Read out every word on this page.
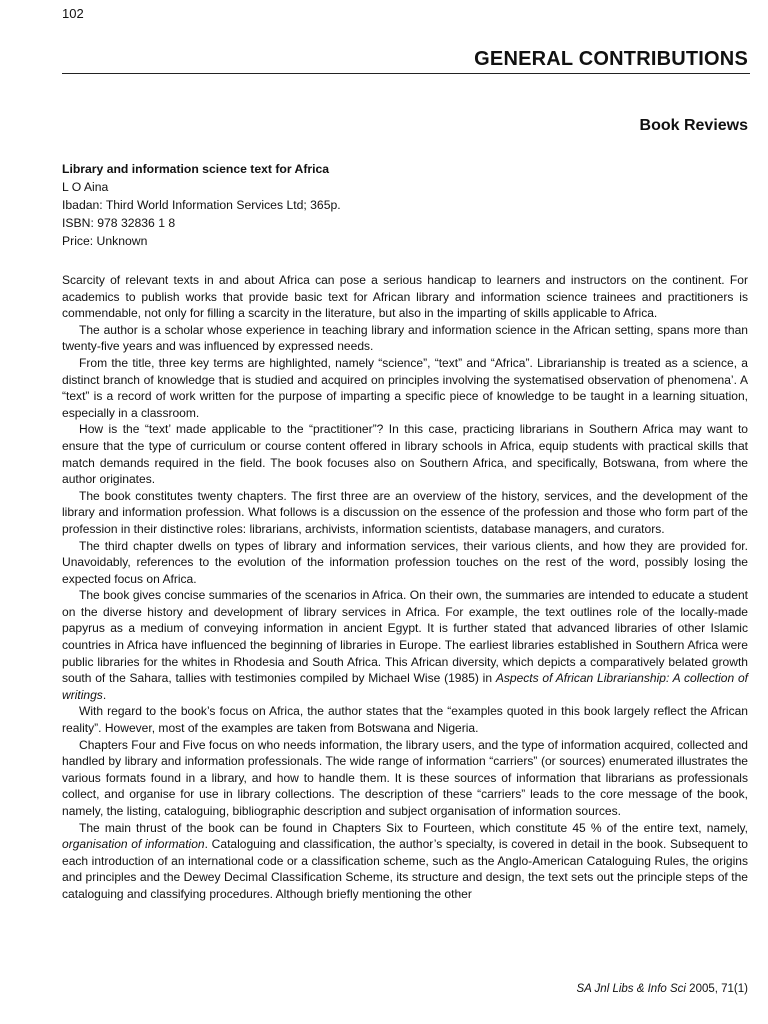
102
GENERAL CONTRIBUTIONS
Book Reviews
Library and information science text for Africa
L O Aina
Ibadan: Third World Information Services Ltd; 365p.
ISBN: 978 32836 1 8
Price: Unknown

Scarcity of relevant texts in and about Africa can pose a serious handicap to learners and instructors on the continent. For academics to publish works that provide basic text for African library and information science trainees and practitioners is commendable, not only for filling a scarcity in the literature, but also in the imparting of skills applicable to Africa.

The author is a scholar whose experience in teaching library and information science in the African setting, spans more than twenty-five years and was influenced by expressed needs.

From the title, three key terms are highlighted, namely “science”, “text” and “Africa”. Librarianship is treated as a science, a distinct branch of knowledge that is studied and acquired on principles involving the systematised observation of phenomena’. A “text” is a record of work written for the purpose of imparting a specific piece of knowledge to be taught in a learning situation, especially in a classroom.

How is the “text’ made applicable to the “practitioner”? In this case, practicing librarians in Southern Africa may want to ensure that the type of curriculum or course content offered in library schools in Africa, equip students with practical skills that match demands required in the field. The book focuses also on Southern Africa, and specifically, Botswana, from where the author originates.

The book constitutes twenty chapters. The first three are an overview of the history, services, and the development of the library and information profession. What follows is a discussion on the essence of the profession and those who form part of the profession in their distinctive roles: librarians, archivists, information scientists, database managers, and curators.

The third chapter dwells on types of library and information services, their various clients, and how they are provided for. Unavoidably, references to the evolution of the information profession touches on the rest of the word, possibly losing the expected focus on Africa.

The book gives concise summaries of the scenarios in Africa. On their own, the summaries are intended to educate a student on the diverse history and development of library services in Africa. For example, the text outlines role of the locally-made papyrus as a medium of conveying information in ancient Egypt. It is further stated that advanced libraries of other Islamic countries in Africa have influenced the beginning of libraries in Europe. The earliest libraries established in Southern Africa were public libraries for the whites in Rhodesia and South Africa. This African diversity, which depicts a comparatively belated growth south of the Sahara, tallies with testimonies compiled by Michael Wise (1985) in Aspects of African Librarianship: A collection of writings.

With regard to the book’s focus on Africa, the author states that the “examples quoted in this book largely reflect the African reality”. However, most of the examples are taken from Botswana and Nigeria.

Chapters Four and Five focus on who needs information, the library users, and the type of information acquired, collected and handled by library and information professionals. The wide range of information “carriers” (or sources) enumerated illustrates the various formats found in a library, and how to handle them. It is these sources of information that librarians as professionals collect, and organise for use in library collections. The description of these “carriers” leads to the core message of the book, namely, the listing, cataloguing, bibliographic description and subject organisation of information sources.

The main thrust of the book can be found in Chapters Six to Fourteen, which constitute 45 % of the entire text, namely, organisation of information. Cataloguing and classification, the author’s specialty, is covered in detail in the book. Subsequent to each introduction of an international code or a classification scheme, such as the Anglo-American Cataloguing Rules, the origins and principles and the Dewey Decimal Classification Scheme, its structure and design, the text sets out the principle steps of the cataloguing and classifying procedures. Although briefly mentioning the other

SA Jnl Libs & Info Sci 2005, 71(1)
